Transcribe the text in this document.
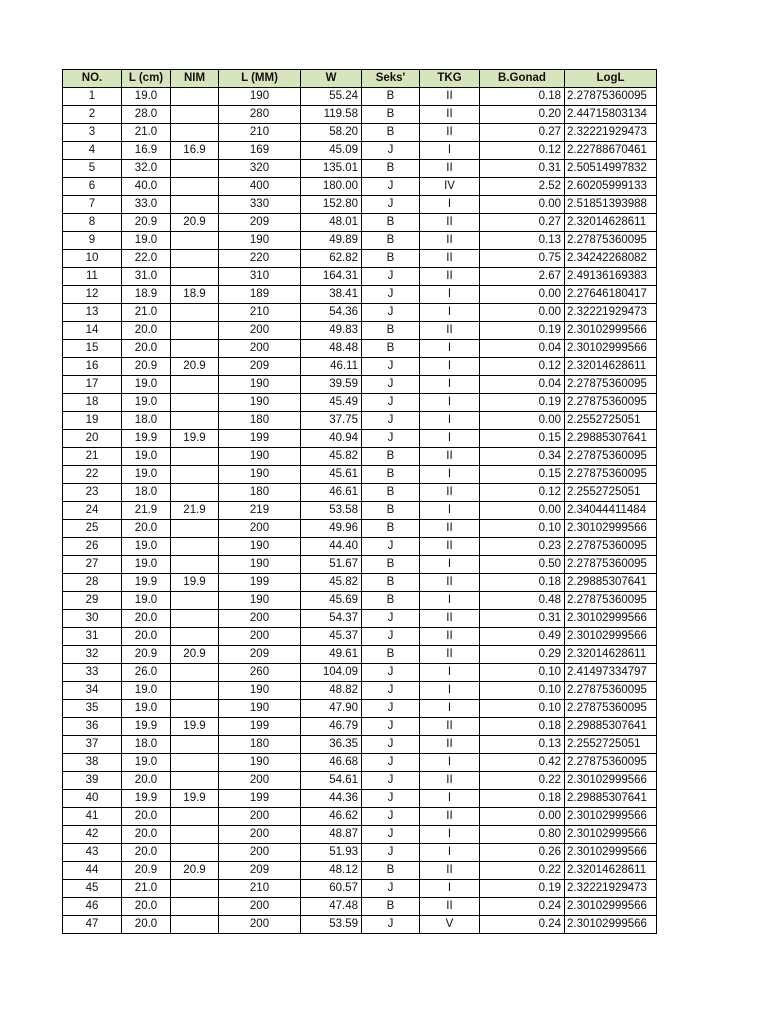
NO.	L (cm)	NIM	L (MM)	W	Seks'	TKG	B.Gonad	LogL
1	19.0		190	55.24	B	II	0.18	2.27875360095
2	28.0		280	119.58	B	II	0.20	2.44715803134
3	21.0		210	58.20	B	II	0.27	2.32221929473
4	16.9	16.9	169	45.09	J	I	0.12	2.22788670461
5	32.0		320	135.01	B	II	0.31	2.50514997832
6	40.0		400	180.00	J	IV	2.52	2.60205999133
7	33.0		330	152.80	J	I	0.00	2.51851393988
8	20.9	20.9	209	48.01	B	II	0.27	2.32014628611
9	19.0		190	49.89	B	II	0.13	2.27875360095
10	22.0		220	62.82	B	II	0.75	2.34242268082
11	31.0		310	164.31	J	II	2.67	2.49136169383
12	18.9	18.9	189	38.41	J	I	0.00	2.27646180417
13	21.0		210	54.36	J	I	0.00	2.32221929473
14	20.0		200	49.83	B	II	0.19	2.30102999566
15	20.0		200	48.48	B	I	0.04	2.30102999566
16	20.9	20.9	209	46.11	J	I	0.12	2.32014628611
17	19.0		190	39.59	J	I	0.04	2.27875360095
18	19.0		190	45.49	J	I	0.19	2.27875360095
19	18.0		180	37.75	J	I	0.00	2.2552725051
20	19.9	19.9	199	40.94	J	I	0.15	2.29885307641
21	19.0		190	45.82	B	II	0.34	2.27875360095
22	19.0		190	45.61	B	I	0.15	2.27875360095
23	18.0		180	46.61	B	II	0.12	2.2552725051
24	21.9	21.9	219	53.58	B	I	0.00	2.34044411484
25	20.0		200	49.96	B	II	0.10	2.30102999566
26	19.0		190	44.40	J	II	0.23	2.27875360095
27	19.0		190	51.67	B	I	0.50	2.27875360095
28	19.9	19.9	199	45.82	B	II	0.18	2.29885307641
29	19.0		190	45.69	B	I	0.48	2.27875360095
30	20.0		200	54.37	J	II	0.31	2.30102999566
31	20.0		200	45.37	J	II	0.49	2.30102999566
32	20.9	20.9	209	49.61	B	II	0.29	2.32014628611
33	26.0		260	104.09	J	I	0.10	2.41497334797
34	19.0		190	48.82	J	I	0.10	2.27875360095
35	19.0		190	47.90	J	I	0.10	2.27875360095
36	19.9	19.9	199	46.79	J	II	0.18	2.29885307641
37	18.0		180	36.35	J	II	0.13	2.2552725051
38	19.0		190	46.68	J	I	0.42	2.27875360095
39	20.0		200	54.61	J	II	0.22	2.30102999566
40	19.9	19.9	199	44.36	J	I	0.18	2.29885307641
41	20.0		200	46.62	J	II	0.00	2.30102999566
42	20.0		200	48.87	J	I	0.80	2.30102999566
43	20.0		200	51.93	J	I	0.26	2.30102999566
44	20.9	20.9	209	48.12	B	II	0.22	2.32014628611
45	21.0		210	60.57	J	I	0.19	2.32221929473
46	20.0		200	47.48	B	II	0.24	2.30102999566
47	20.0		200	53.59	J	V	0.24	2.30102999566
